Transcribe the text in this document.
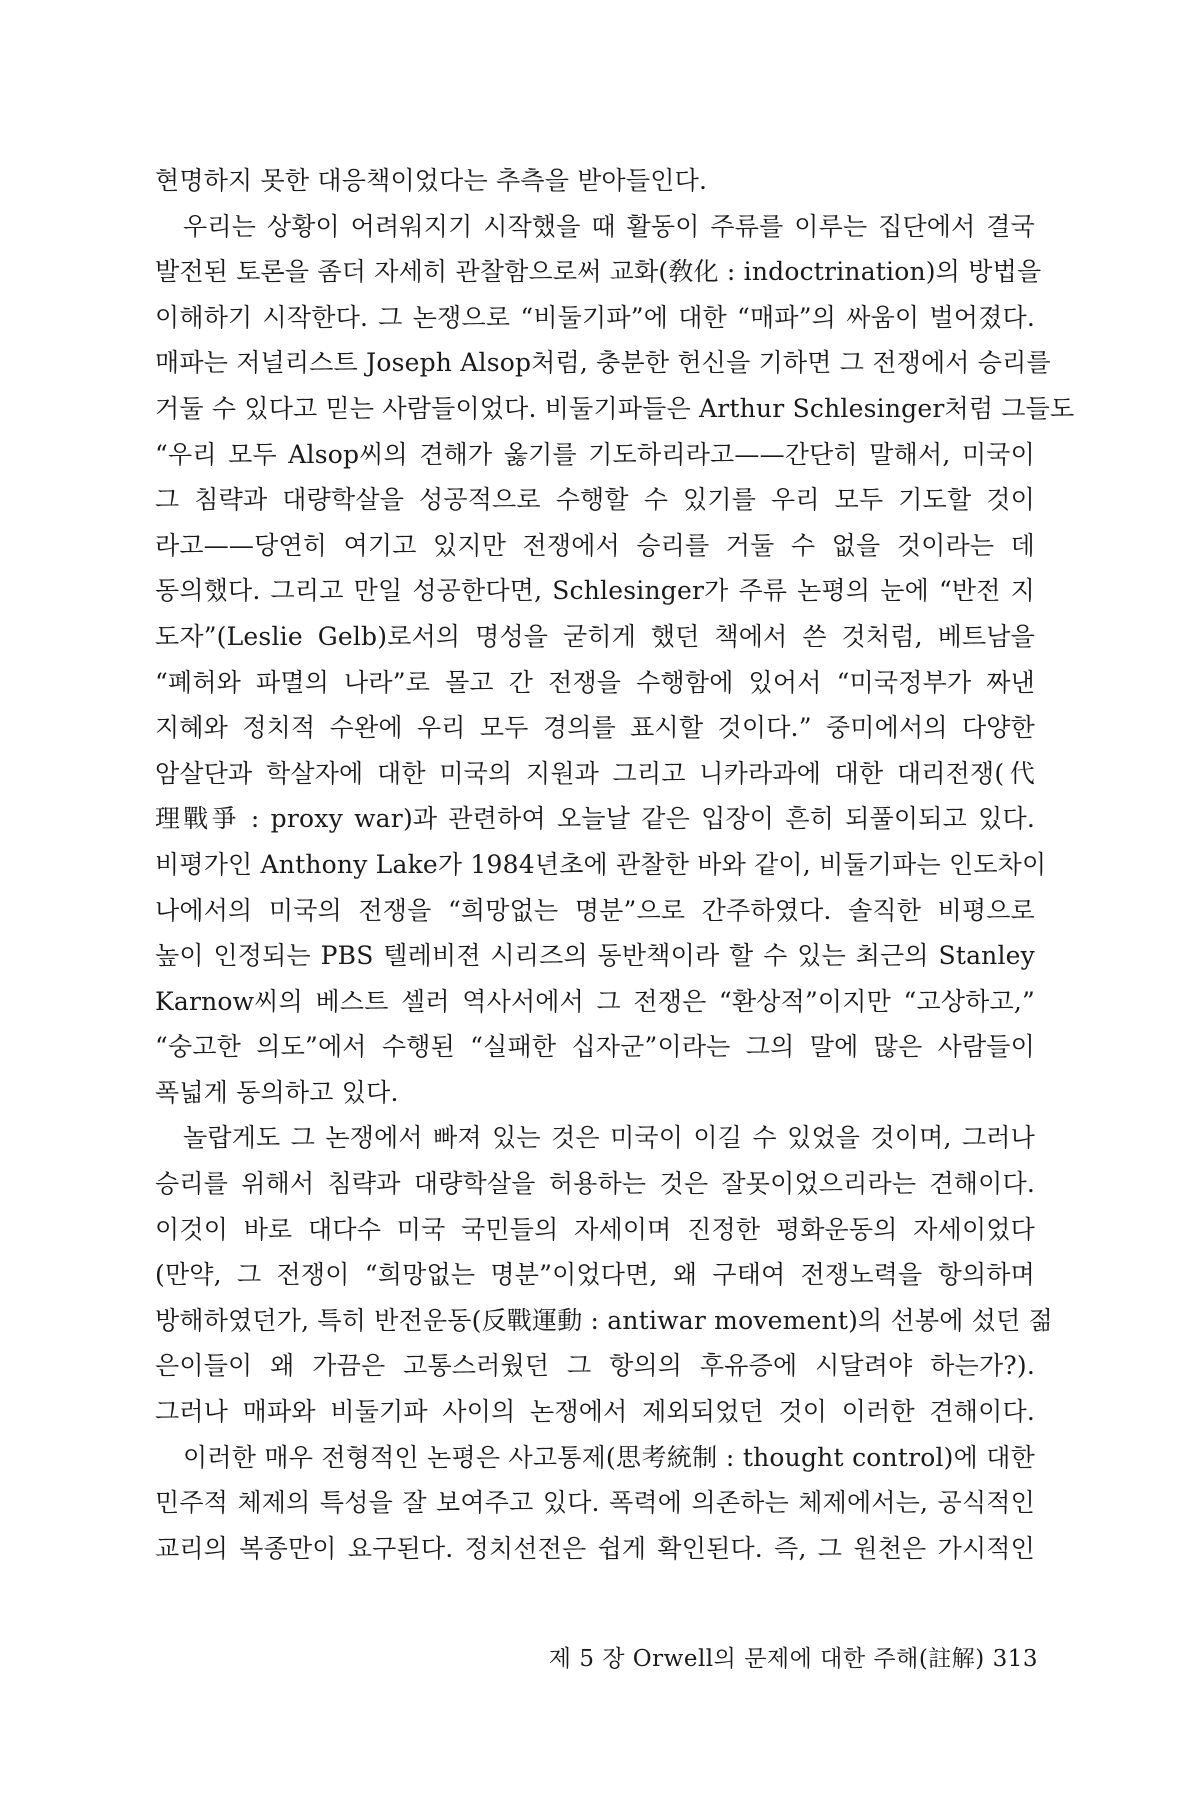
현명하지 못한 대응책이었다는 추측을 받아들인다.
우리는 상황이 어려워지기 시작했을 때 활동이 주류를 이루는 집단에서 결국
발전된 토론을 좀더 자세히 관찰함으로써 교화(敎化 : indoctrination)의 방법을
이해하기 시작한다. 그 논쟁으로 “비둘기파”에 대한 “매파”의 싸움이 벌어졌다.
매파는 저널리스트 Joseph Alsop처럼, 충분한 헌신을 기하면 그 전쟁에서 승리를
거둘 수 있다고 믿는 사람들이었다. 비둘기파들은 Arthur Schlesinger처럼 그들도
“우리 모두 Alsop씨의 견해가 옳기를 기도하리라고——간단히 말해서, 미국이
그 침략과 대량학살을 성공적으로 수행할 수 있기를 우리 모두 기도할 것이
라고——당연히 여기고 있지만 전쟁에서 승리를 거둘 수 없을 것이라는 데
동의했다. 그리고 만일 성공한다면, Schlesinger가 주류 논평의 눈에 “반전 지
도자”(Leslie Gelb)로서의 명성을 굳히게 했던 책에서 쓴 것처럼, 베트남을
“폐허와 파멸의 나라”로 몰고 간 전쟁을 수행함에 있어서 “미국정부가 짜낸
지혜와 정치적 수완에 우리 모두 경의를 표시할 것이다.” 중미에서의 다양한
암살단과 학살자에 대한 미국의 지원과 그리고 니카라과에 대한 대리전쟁(代
理戰爭 : proxy war)과 관련하여 오늘날 같은 입장이 흔히 되풀이되고 있다.
비평가인 Anthony Lake가 1984년초에 관찰한 바와 같이, 비둘기파는 인도차이
나에서의 미국의 전쟁을 “희망없는 명분”으로 간주하였다. 솔직한 비평으로
높이 인정되는 PBS 텔레비젼 시리즈의 동반책이라 할 수 있는 최근의 Stanley
Karnow씨의 베스트 셀러 역사서에서 그 전쟁은 “환상적”이지만 “고상하고,”
“숭고한 의도”에서 수행된 “실패한 십자군”이라는 그의 말에 많은 사람들이
폭넓게 동의하고 있다.
놀랍게도 그 논쟁에서 빠져 있는 것은 미국이 이길 수 있었을 것이며, 그러나
승리를 위해서 침략과 대량학살을 허용하는 것은 잘못이었으리라는 견해이다.
이것이 바로 대다수 미국 국민들의 자세이며 진정한 평화운동의 자세이었다
(만약, 그 전쟁이 “희망없는 명분”이었다면, 왜 구태여 전쟁노력을 항의하며
방해하였던가, 특히 반전운동(反戰運動 : antiwar movement)의 선봉에 섰던 젊
은이들이 왜 가끔은 고통스러웠던 그 항의의 후유증에 시달려야 하는가?).
그러나 매파와 비둘기파 사이의 논쟁에서 제외되었던 것이 이러한 견해이다.
이러한 매우 전형적인 논평은 사고통제(思考統制 : thought control)에 대한
민주적 체제의 특성을 잘 보여주고 있다. 폭력에 의존하는 체제에서는, 공식적인
교리의 복종만이 요구된다. 정치선전은 쉽게 확인된다. 즉, 그 원천은 가시적인
제 5 장 Orwell의 문제에 대한 주해(註解) 313
